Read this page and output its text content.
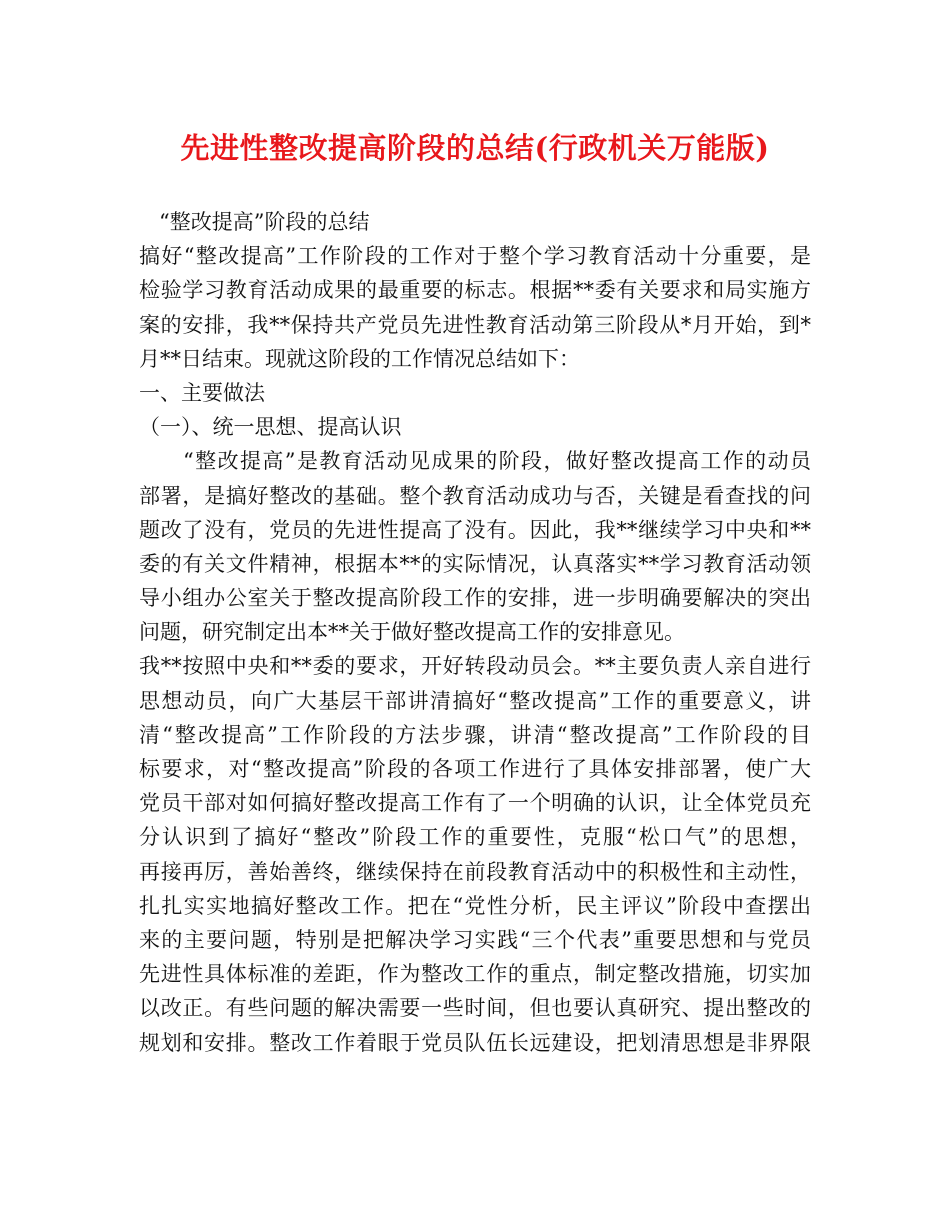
先进性整改提高阶段的总结(行政机关万能版)
“整改提高”阶段的总结
搞好“整改提高”工作阶段的工作对于整个学习教育活动十分重要，是
检验学习教育活动成果的最重要的标志。根据**委有关要求和局实施方
案的安排，我**保持共产党员先进性教育活动第三阶段从*月开始，到*
月**日结束。现就这阶段的工作情况总结如下：
一、主要做法
（一）、统一思想、提高认识
“整改提高”是教育活动见成果的阶段，做好整改提高工作的动员
部署，是搞好整改的基础。整个教育活动成功与否，关键是看查找的问
题改了没有，党员的先进性提高了没有。因此，我**继续学习中央和**
委的有关文件精神，根据本**的实际情况，认真落实**学习教育活动领
导小组办公室关于整改提高阶段工作的安排，进一步明确要解决的突出
问题，研究制定出本**关于做好整改提高工作的安排意见。
我**按照中央和**委的要求，开好转段动员会。**主要负责人亲自进行
思想动员，向广大基层干部讲清搞好“整改提高”工作的重要意义，讲
清“整改提高”工作阶段的方法步骤，讲清“整改提高”工作阶段的目
标要求，对“整改提高”阶段的各项工作进行了具体安排部署，使广大
党员干部对如何搞好整改提高工作有了一个明确的认识，让全体党员充
分认识到了搞好“整改”阶段工作的重要性，克服“松口气”的思想，
再接再厉，善始善终，继续保持在前段教育活动中的积极性和主动性，
扎扎实实地搞好整改工作。把在“党性分析，民主评议”阶段中查摆出
来的主要问题，特别是把解决学习实践“三个代表”重要思想和与党员
先进性具体标准的差距，作为整改工作的重点，制定整改措施，切实加
以改正。有些问题的解决需要一些时间，但也要认真研究、提出整改的
规划和安排。整改工作着眼于党员队伍长远建设，把划清思想是非界限
